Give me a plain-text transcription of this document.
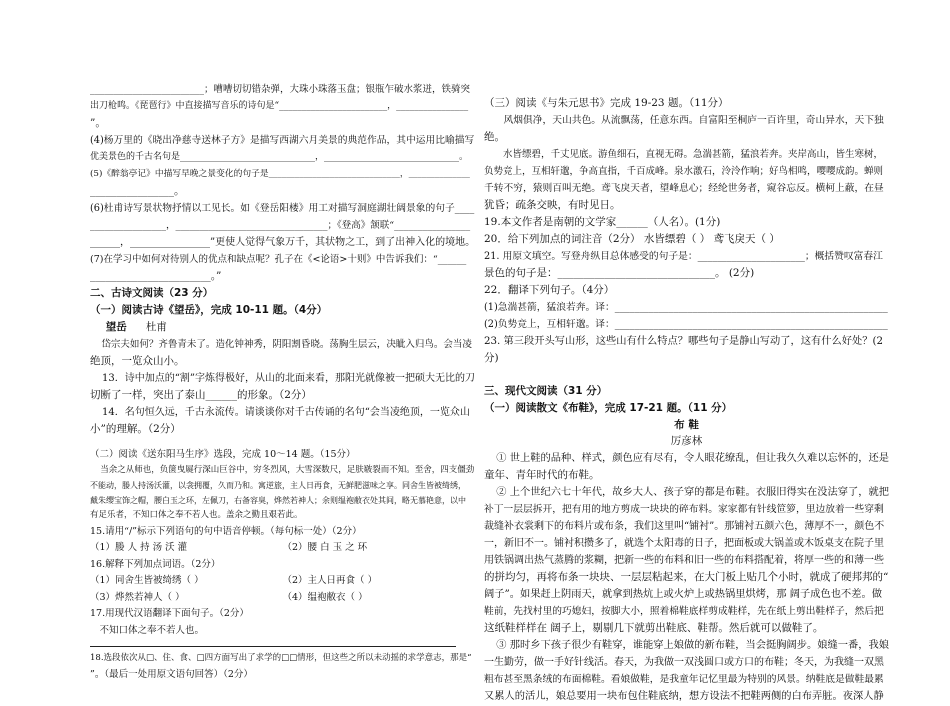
________________________；嘈嘈切切错杂弹，大珠小珠落玉盘；银瓶乍破水浆迸，铁骑突

出刀枪鸣。《琵琶行》中直接描写音乐的诗句是“________________________，________________

”。

(4)杨万里的《晓出净慈寺送林子方》是描写西湖六月美景的典范作品，其中运用比喻描写

优美景色的千古名句是______________________________，______________________________。

(5)《醉翁亭记》中描写早晚之景变化的句子是______________________________，______________

________________。

(6)杜甫诗写景状物抒情以工见长。如《登岳阳楼》用工对描写洞庭湖壮阔景象的句子____

________________，________________________________；《登高》颔联“________________

______，________________”更使人觉得气象万千，其状物之工，到了出神入化的境地。

(7)在学习中如何对待别人的优点和缺点呢？孔子在《<论语>十则》中告诉我们：“______

_______________________。”

二、古诗文阅读（23 分）

（一）阅读古诗《望岳》，完成 10-11 题。（4分）

望岳 杜甫

岱宗夫如何？齐鲁青未了。造化钟神秀，阴阳割昏晓。荡胸生层云，决眦入归鸟。会当凌

绝顶，一览众山小。

13．诗中加点的“割”字炼得极好，从山的北面来看，那阳光就像被一把硕大无比的刀

切断了一样，突出了泰山______的形象。（2分）

14．名句恒久远，千古永流传。请谈谈你对千古传诵的名句“会当凌绝顶，一览众山

小”的理解。（2分）

（二）阅读《送东阳马生序》选段，完成 10～14 题。（15分）

当余之从师也，负箧曳屣行深山巨谷中，穷冬烈风，大雪深数尺，足肤皲裂而不知。至舍，四支僵劲

不能动，媵人持汤沃灌，以衾拥覆，久而乃和。寓逆旅，主人日再食，无鲜肥滋味之享。同舍生皆被绮绣，

戴朱缨宝饰之帽，腰白玉之环，左佩刀，右备容臭，烨然若神人；余则缊袍敝衣处其间，略无慕艳意，以中

有足乐者，不知口体之奉不若人也。盖余之勤且艰若此。

15.请用“/”标示下列语句的句中语音停顿。（每句标一处）（2分）

（1）媵 人 持 汤 沃 灌	（2）腰 白 玉 之 环

16.解释下列加点词语。（2分）

（1）同舍生皆被绮绣（ ）	（2）主人日再食（ ）
（3）烨然若神人（ ）	（4）缊袍敝衣（ ）

17.用现代汉语翻译下面句子。（2分）

不知口体之奉不若人也。

18.选段依次从□、住、食、□四方面写出了求学的□□情形，但这些之所以未动摇的求学意志，那是“

”。（最后一处用原文语句回答）（2分）

（三）阅读《与朱元思书》完成 19-23 题。（11分）

风烟俱净，天山共色。从流飘荡，任意东西。自富阳至桐庐一百许里，奇山异水，天下独

绝。

水皆缥碧，千丈见底。游鱼细石，直视无碍。急湍甚箭，猛浪若奔。夹岸高山，皆生寒树，

负势竞上，互相轩邈，争高直指，千百成峰。泉水激石，泠泠作响；好鸟相鸣，嘤嘤成韵。蝉则

千转不穷，猿则百叫无绝。鸢飞戾天者，望峰息心；经纶世务者，窥谷忘反。横柯上蔽，在昼

犹昏；疏条交映，有时见日。

19.本文作者是南朝的文学家______（人名）。(1分)

20．给下列加点的词注音（2分） 水皆缥碧（ ） 鸢飞戾天（ ）

21. 用原文填空。写登舟纵目总体感受的句子是：______________________；概括赞叹富春江

景色的句子是：______________________________。 (2分)

22．翻译下列句子。（4分）

(1)急湍甚箭，猛浪若奔。译：________________________________________________________

(2)负势竞上，互相轩邈。译：________________________________________________________

23. 第三段开头写山形，这些山有什么特点？哪些句子是静山写动了，这有什么好处？(2

分)

三、现代文阅读（31 分）

（一）阅读散文《布鞋》，完成 17-21 题。（11 分）

布 鞋

厉彦林

① 世上鞋的品种、样式，颜色应有尽有，令人眼花缭乱，但让我久久难以忘怀的，还是

童年、青年时代的布鞋。

② 上个世纪六七十年代，故乡大人、孩子穿的都是布鞋。衣服旧得实在没法穿了，就把

补丁一层层拆开，把有用的地方剪成一块块的碎布料。家家都有针线笸箩，里边放着一些穿剩

裁缝补衣裳剩下的布料片或布条，我们这里叫“铺衬”。那铺衬五颜六色，薄厚不一，颜色不

一，新旧不一。铺衬积攒多了，就选个太阳毒的日子，把面板或大锅盖或木饭桌支在院子里

用铁锅调出热气蒸腾的浆糊，把新一些的布料和旧一些的布料搭配着，将厚一些的和薄一些

的拼均匀，再将布条一块块、一层层粘起来，在大门板上贴几个小时，就成了硬邦邦的“

阔子”。如果赶上阴雨天，就拿到热炕上或火炉上或热锅里烘烤，那 阔子成色也不差。做

鞋前，先找村里的巧媳妇，按脚大小，照着棉鞋底样剪成鞋样，先在纸上剪出鞋样子，然后把

这纸鞋样样在 阔子上，剔剔几下就剪出鞋底、鞋帮。然后就可以做鞋了。

③ 那时乡下孩子很少有鞋穿，谁能穿上娘做的新布鞋，当会挺胸阔步。娘缝一番，我娘

一生勤劳，做一手好针线活。春天，为我做一双浅圆口或方口的布鞋；冬天，为我缝一双黑

粗布甚至黑条绒的布面棉鞋。看娘做鞋，是我童年记忆里最为特别的风景。纳鞋底是做鞋最累

又累人的活儿，娘总要用一块布包住鞋底纳，想方设法不把鞋两侧的白布弄脏。夜深人静
